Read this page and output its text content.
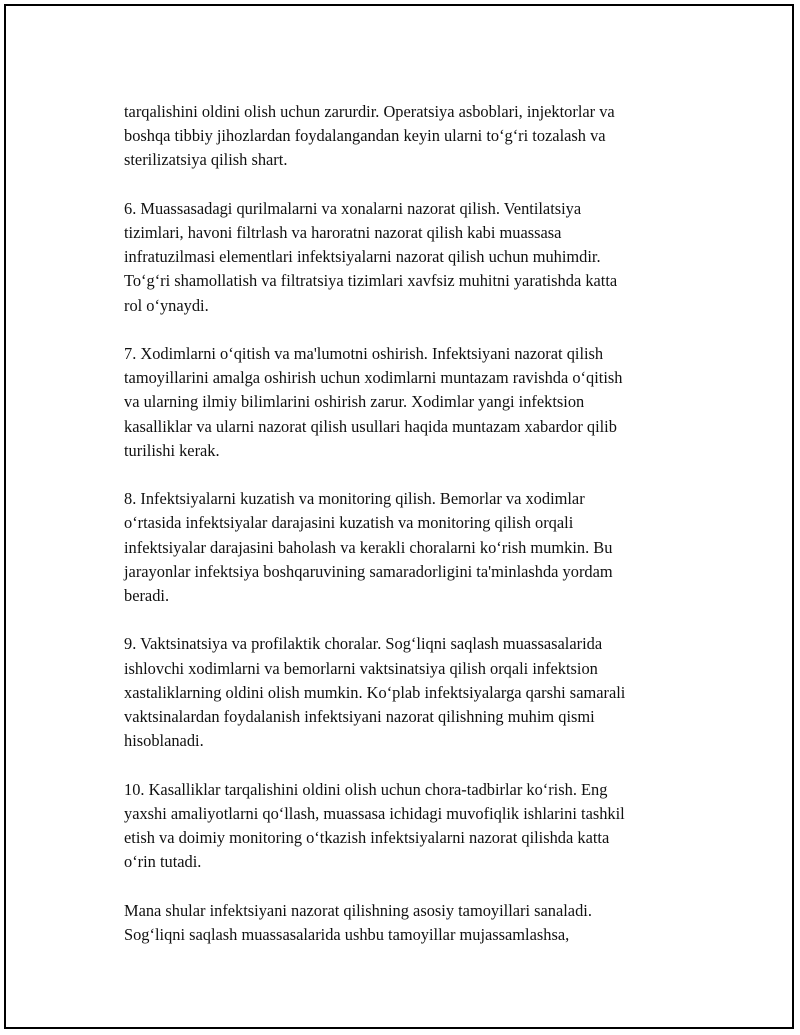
tarqalishini oldini olish uchun zarurdir. Operatsiya asboblari, injektorlar va
boshqa tibbiy jihozlardan foydalangandan keyin ularni to‘g‘ri tozalash va
sterilizatsiya qilish shart.

6. Muassasadagi qurilmalarni va xonalarni nazorat qilish. Ventilatsiya
tizimlari, havoni filtrlash va haroratni nazorat qilish kabi muassasa
infratuzilmasi elementlari infektsiyalarni nazorat qilish uchun muhimdir.
To‘g‘ri shamollatish va filtratsiya tizimlari xavfsiz muhitni yaratishda katta
rol o‘ynaydi.

7. Xodimlarni o‘qitish va ma'lumotni oshirish. Infektsiyani nazorat qilish
tamoyillarini amalga oshirish uchun xodimlarni muntazam ravishda o‘qitish
va ularning ilmiy bilimlarini oshirish zarur. Xodimlar yangi infektsion
kasalliklar va ularni nazorat qilish usullari haqida muntazam xabardor qilib
turilishi kerak.

8. Infektsiyalarni kuzatish va monitoring qilish. Bemorlar va xodimlar
o‘rtasida infektsiyalar darajasini kuzatish va monitoring qilish orqali
infektsiyalar darajasini baholash va kerakli choralarni ko‘rish mumkin. Bu
jarayonlar infektsiya boshqaruvining samaradorligini ta'minlashda yordam
beradi.

9. Vaktsinatsiya va profilaktik choralar. Sog‘liqni saqlash muassasalarida
ishlovchi xodimlarni va bemorlarni vaktsinatsiya qilish orqali infektsion
xastaliklarning oldini olish mumkin. Ko‘plab infektsiyalarga qarshi samarali
vaktsinalardan foydalanish infektsiyani nazorat qilishning muhim qismi
hisoblanadi.

10. Kasalliklar tarqalishini oldini olish uchun chora-tadbirlar ko‘rish. Eng
yaxshi amaliyotlarni qo‘llash, muassasa ichidagi muvofiqlik ishlarini tashkil
etish va doimiy monitoring o‘tkazish infektsiyalarni nazorat qilishda katta
o‘rin tutadi.

Mana shular infektsiyani nazorat qilishning asosiy tamoyillari sanaladi.
Sog‘liqni saqlash muassasalarida ushbu tamoyillar mujassamlashsa,
